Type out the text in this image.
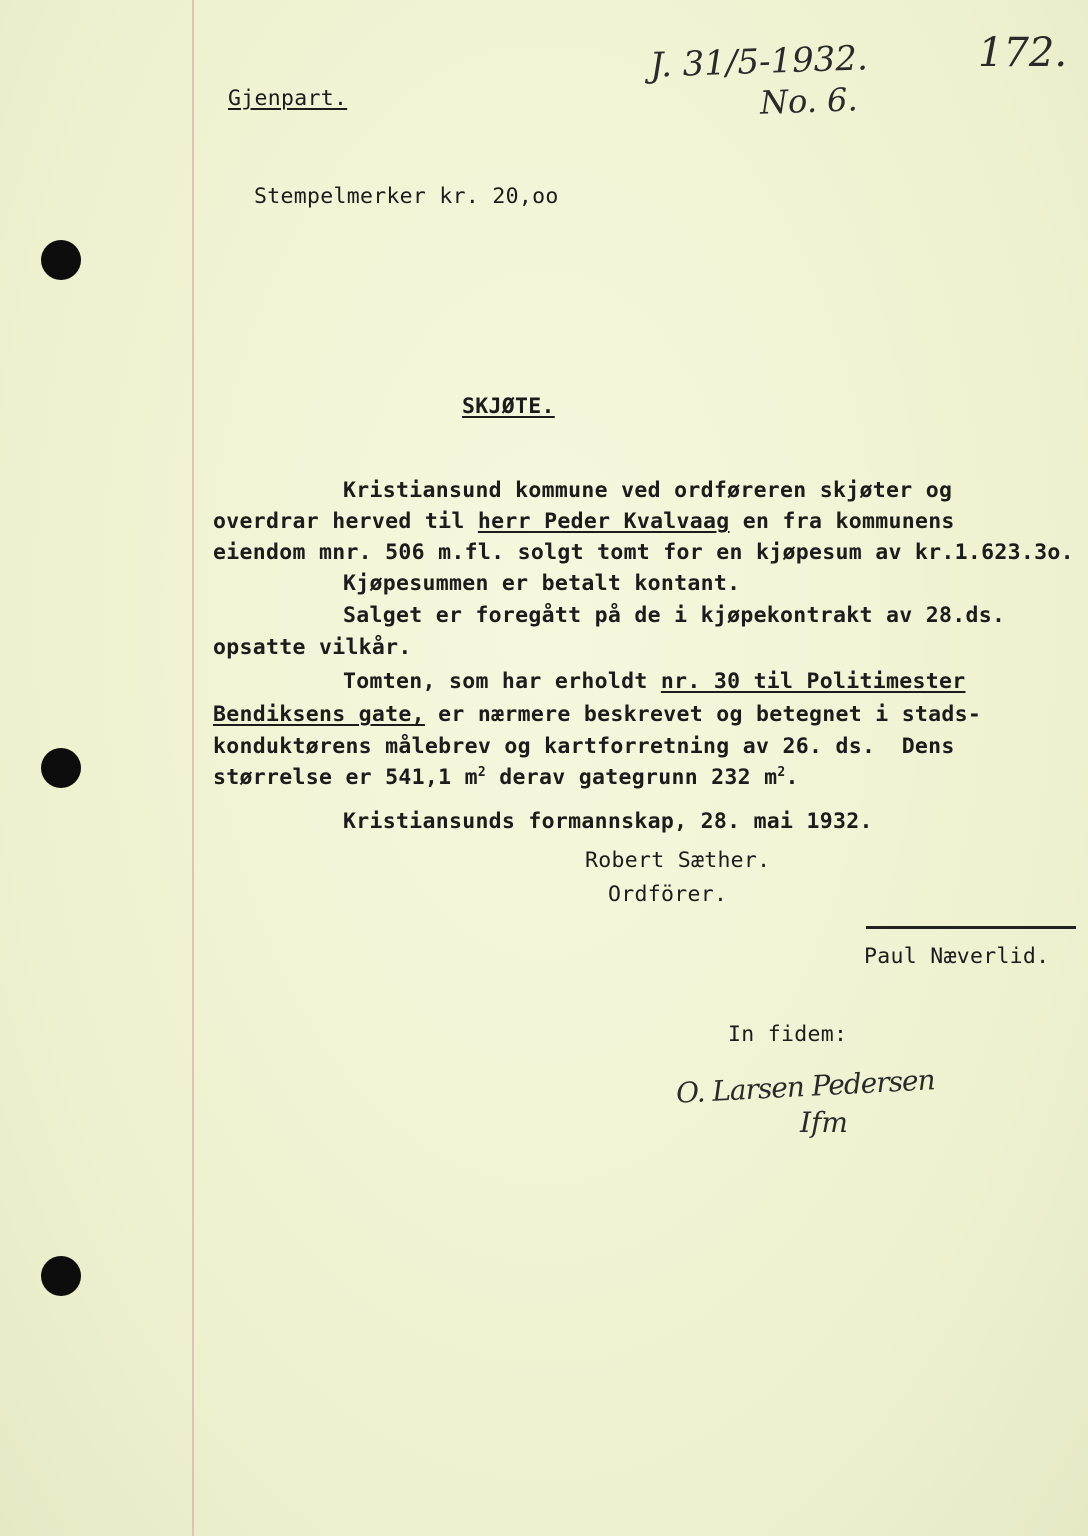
Gjenpart.
J. 31/5-1932.
No. 6.
172.
Stempelmerker kr. 20,oo
SKJØTE.
Kristiansund kommune ved ordføreren skjøter og
overdrar herved til herr Peder Kvalvaag en fra kommunens
eiendom mnr. 506 m.fl. solgt tomt for en kjøpesum av kr.1.623.3o.
Kjøpesummen er betalt kontant.
Salget er foregått på de i kjøpekontrakt av 28.ds.
opsatte vilkår.
Tomten, som har erholdt nr. 30 til Politimester
Bendiksens gate, er nærmere beskrevet og betegnet i stads-
konduktørens målebrev og kartforretning av 26. ds.  Dens
størrelse er 541,1 $m^2$ derav gategrunn 232 $m^2$.
Kristiansunds formannskap, 28. mai 1932.
Robert Sæther.
Ordförer.
Paul Næverlid.
In fidem:
O. Larsen Pedersen
Ifm
